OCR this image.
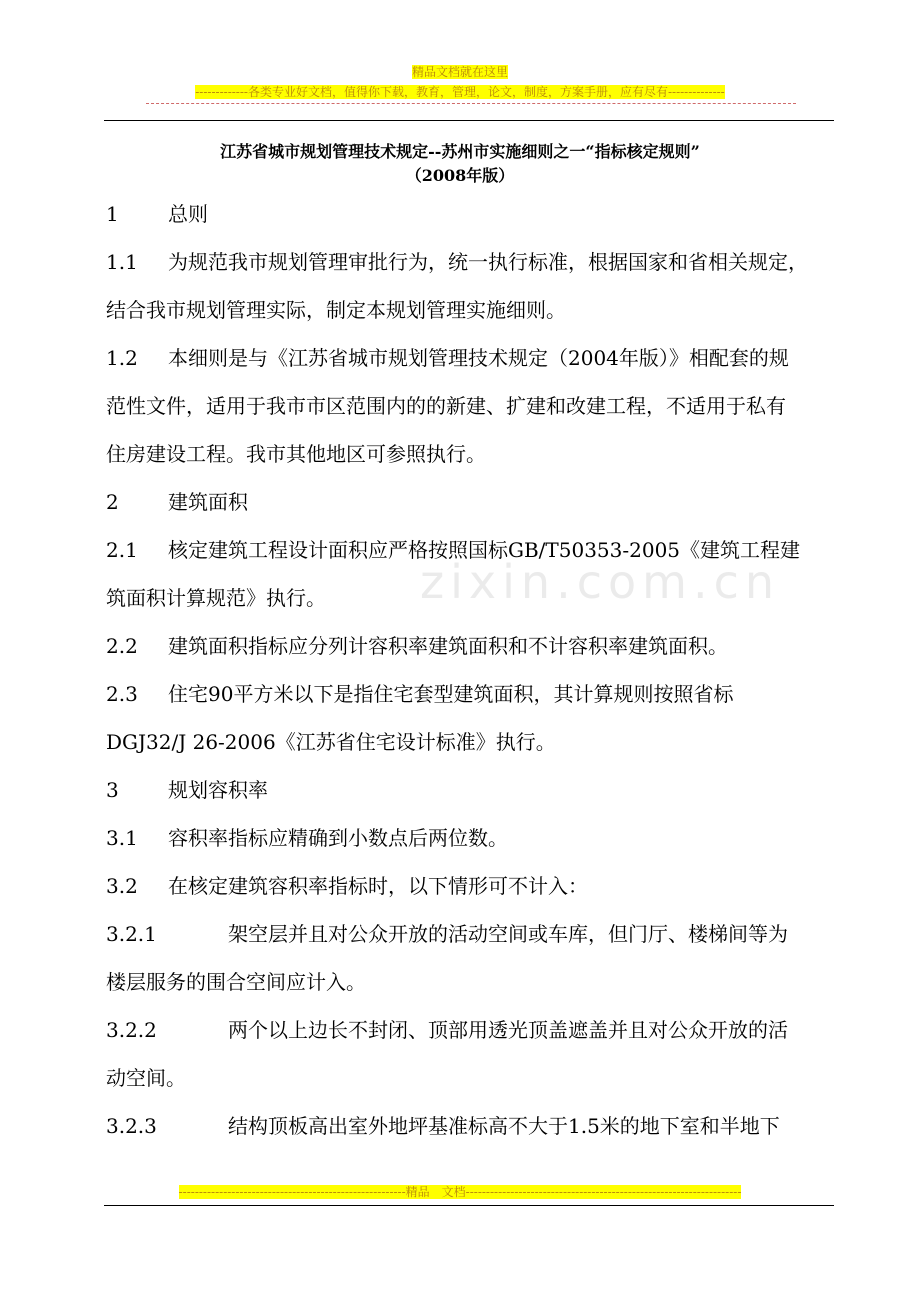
精品文档就在这里
-------------各类专业好文档，值得你下载，教育，管理，论文，制度，方案手册，应有尽有--------------
zixin.com.cn
江苏省城市规划管理技术规定--苏州市实施细则之一“指标核定规则”
（2008年版）
1 总则
1.1 为规范我市规划管理审批行为，统一执行标准，根据国家和省相关规定，
结合我市规划管理实际，制定本规划管理实施细则。
1.2 本细则是与《江苏省城市规划管理技术规定（2004年版）》相配套的规
范性文件，适用于我市市区范围内的的新建、扩建和改建工程，不适用于私有
住房建设工程。我市其他地区可参照执行。
2 建筑面积
2.1 核定建筑工程设计面积应严格按照国标GB/T50353-2005《建筑工程建
筑面积计算规范》执行。
2.2 建筑面积指标应分列计容积率建筑面积和不计容积率建筑面积。
2.3 住宅90平方米以下是指住宅套型建筑面积，其计算规则按照省标
DGJ32/J 26-2006《江苏省住宅设计标准》执行。
3 规划容积率
3.1 容积率指标应精确到小数点后两位数。
3.2 在核定建筑容积率指标时，以下情形可不计入：
3.2.1	架空层并且对公众开放的活动空间或车库，但门厅、楼梯间等为
楼层服务的围合空间应计入。
3.2.2	两个以上边长不封闭、顶部用透光顶盖遮盖并且对公众开放的活
动空间。
3.2.3	结构顶板高出室外地坪基准标高不大于1.5米的地下室和半地下
--------------------------------------------------------精品　文档--------------------------------------------------------------------
